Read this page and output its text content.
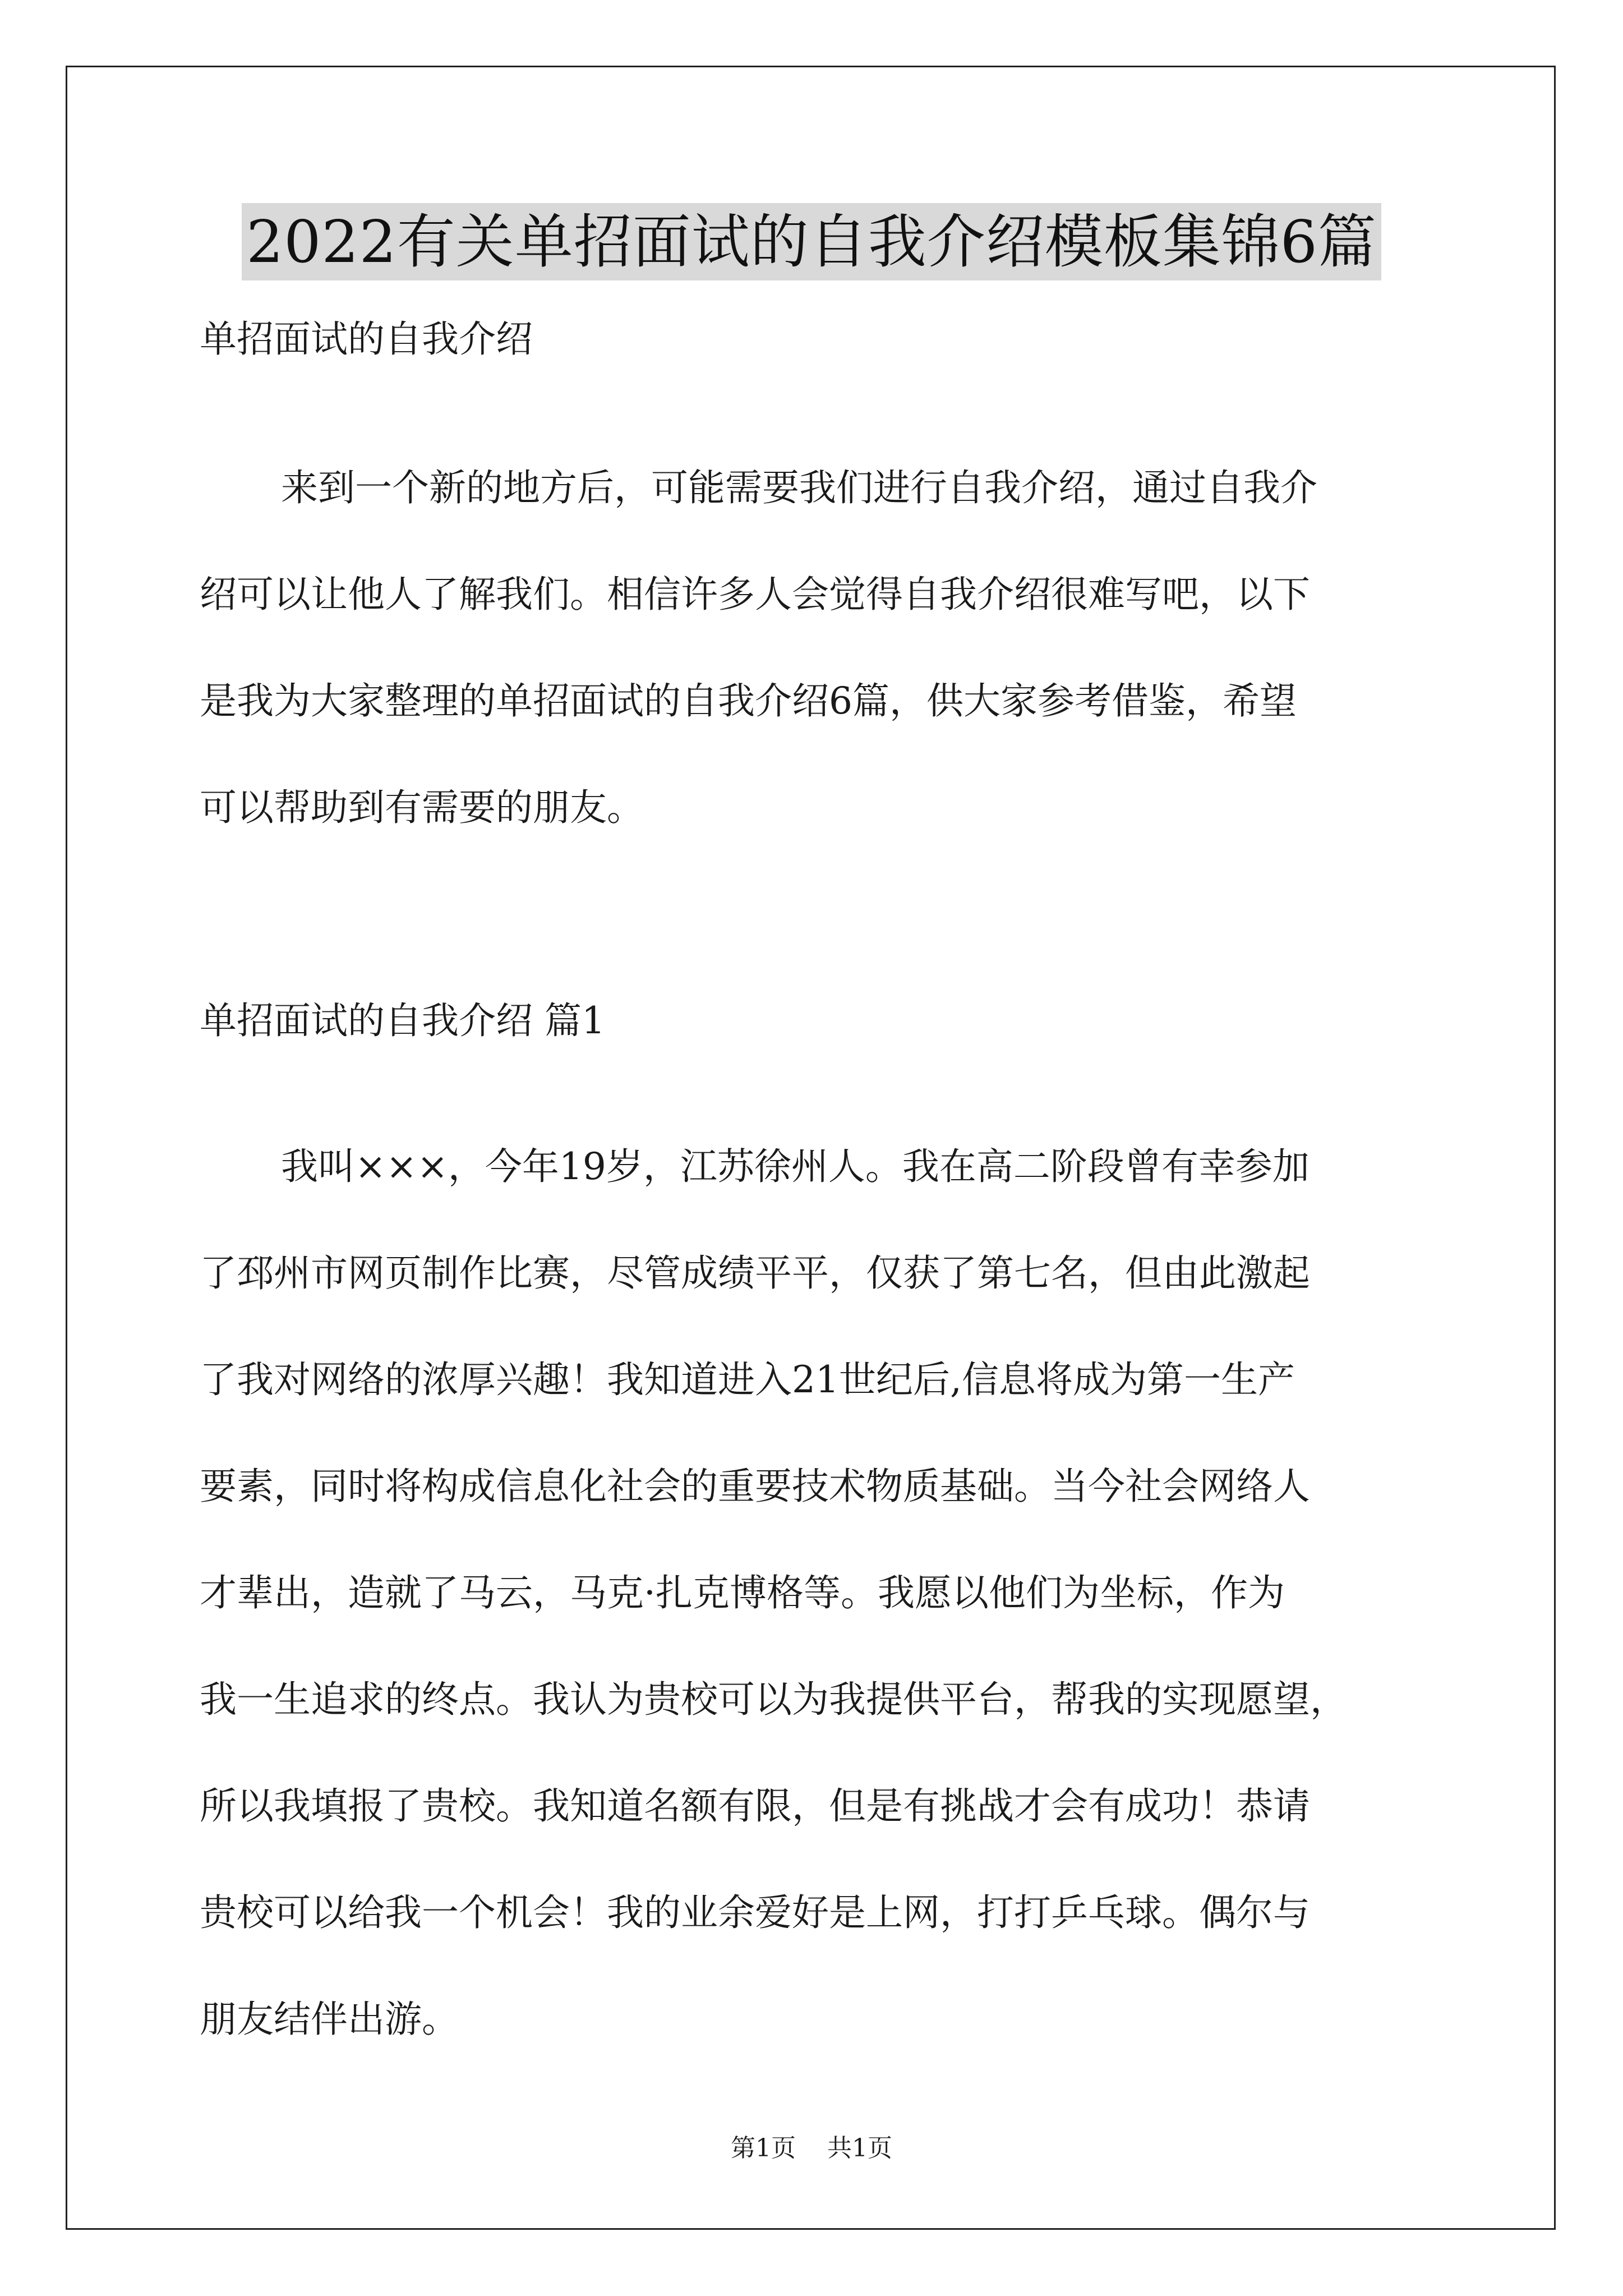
2022有关单招面试的自我介绍模板集锦6篇
单招面试的自我介绍
来到一个新的地方后，可能需要我们进行自我介绍，通过自我介
绍可以让他人了解我们。相信许多人会觉得自我介绍很难写吧，以下
是我为大家整理的单招面试的自我介绍6篇，供大家参考借鉴，希望
可以帮助到有需要的朋友。
单招面试的自我介绍 篇1
我叫×××，今年19岁，江苏徐州人。我在高二阶段曾有幸参加
了邳州市网页制作比赛，尽管成绩平平，仅获了第七名，但由此激起
了我对网络的浓厚兴趣！我知道进入21世纪后,信息将成为第一生产
要素，同时将构成信息化社会的重要技术物质基础。当今社会网络人
才辈出，造就了马云，马克·扎克博格等。我愿以他们为坐标，作为
我一生追求的终点。我认为贵校可以为我提供平台，帮我的实现愿望，
所以我填报了贵校。我知道名额有限，但是有挑战才会有成功！恭请
贵校可以给我一个机会！我的业余爱好是上网，打打乒乓球。偶尔与
朋友结伴出游。
第1页 共1页
